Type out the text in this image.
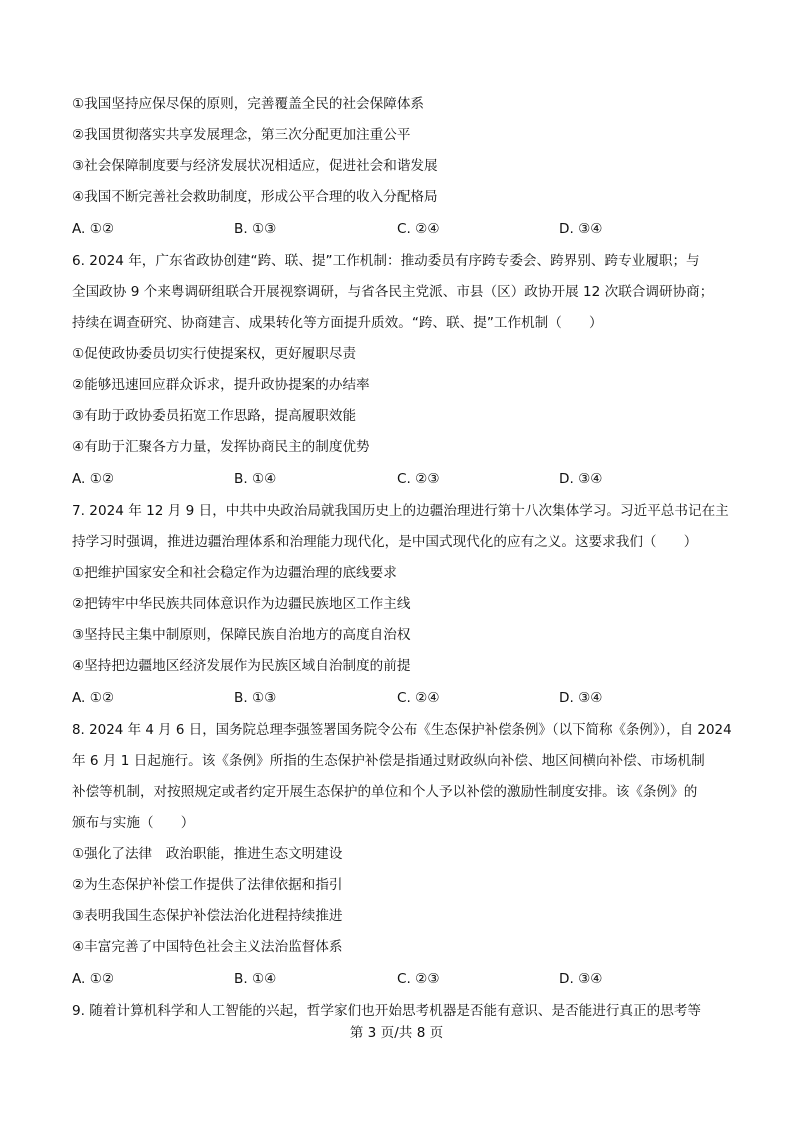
①我国坚持应保尽保的原则，完善覆盖全民的社会保障体系
②我国贯彻落实共享发展理念，第三次分配更加注重公平
③社会保障制度要与经济发展状况相适应，促进社会和谐发展
④我国不断完善社会救助制度，形成公平合理的收入分配格局
A. ①②	B. ①③	C. ②④	D. ③④
6. 2024 年，广东省政协创建“跨、联、提”工作机制：推动委员有序跨专委会、跨界别、跨专业履职；与
全国政协 9 个来粤调研组联合开展视察调研，与省各民主党派、市县（区）政协开展 12 次联合调研协商；
持续在调查研究、协商建言、成果转化等方面提升质效。“跨、联、提”工作机制（　　）
①促使政协委员切实行使提案权，更好履职尽责
②能够迅速回应群众诉求，提升政协提案的办结率
③有助于政协委员拓宽工作思路，提高履职效能
④有助于汇聚各方力量，发挥协商民主的制度优势
A. ①②	B. ①④	C. ②③	D. ③④
7. 2024 年 12 月 9 日，中共中央政治局就我国历史上的边疆治理进行第十八次集体学习。习近平总书记在主
持学习时强调，推进边疆治理体系和治理能力现代化，是中国式现代化的应有之义。这要求我们（　　）
①把维护国家安全和社会稳定作为边疆治理的底线要求
②把铸牢中华民族共同体意识作为边疆民族地区工作主线
③坚持民主集中制原则，保障民族自治地方的高度自治权
④坚持把边疆地区经济发展作为民族区域自治制度的前提
A. ①②	B. ①③	C. ②④	D. ③④
8. 2024 年 4 月 6 日，国务院总理李强签署国务院令公布《生态保护补偿条例》（以下简称《条例》），自 2024
年 6 月 1 日起施行。该《条例》所指的生态保护补偿是指通过财政纵向补偿、地区间横向补偿、市场机制
补偿等机制，对按照规定或者约定开展生态保护的单位和个人予以补偿的激励性制度安排。该《条例》的
颁布与实施（　　）
①强化了法律　政治职能，推进生态文明建设
②为生态保护补偿工作提供了法律依据和指引
③表明我国生态保护补偿法治化进程持续推进
④丰富完善了中国特色社会主义法治监督体系
A. ①②	B. ①④	C. ②③	D. ③④
9. 随着计算机科学和人工智能的兴起，哲学家们也开始思考机器是否能有意识、是否能进行真正的思考等
第 3 页/共 8 页
